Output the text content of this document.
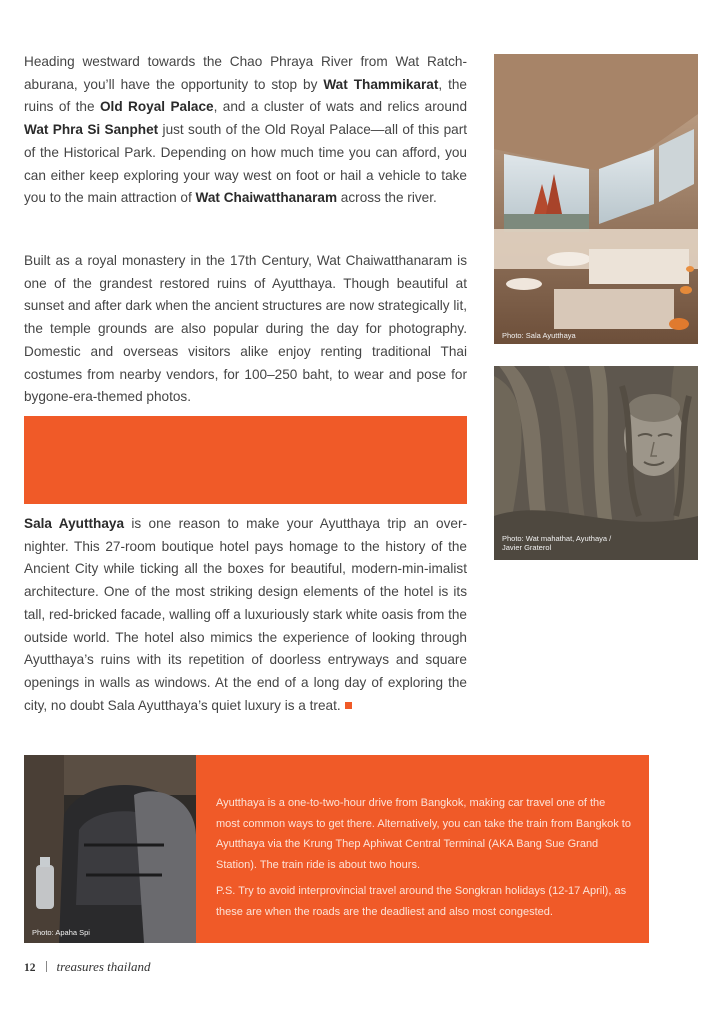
Heading westward towards the Chao Phraya River from Wat Ratch-aburana, you’ll have the opportunity to stop by Wat Thammikarat, the ruins of the Old Royal Palace, and a cluster of wats and relics around Wat Phra Si Sanphet just south of the Old Royal Palace—all of this part of the Historical Park. Depending on how much time you can afford, you can either keep exploring your way west on foot or hail a vehicle to take you to the main attraction of Wat Chaiwatthanaram across the river.

Built as a royal monastery in the 17th Century, Wat Chaiwatthanaram is one of the grandest restored ruins of Ayutthaya. Though beautiful at sunset and after dark when the ancient structures are now strategically lit, the temple grounds are also popular during the day for photography. Domestic and overseas visitors alike enjoy renting traditional Thai costumes from nearby vendors, for 100–250 baht, to wear and pose for bygone-era-themed photos.

Sala Ayutthaya is one reason to make your Ayutthaya trip an over-nighter. This 27-room boutique hotel pays homage to the history of the Ancient City while ticking all the boxes for beautiful, modern-min-imalist architecture. One of the most striking design elements of the hotel is its tall, red-bricked facade, walling off a luxuriously stark white oasis from the outside world. The hotel also mimics the experience of looking through Ayutthaya’s ruins with its repetition of doorless entryways and square openings in walls as windows. At the end of a long day of exploring the city, no doubt Sala Ayutthaya’s quiet luxury is a treat.

Photo: Sala Ayutthaya
Photo: Wat mahathat, Ayuthaya /
Javier Graterol
Photo: Apaha Spi

Ayutthaya is a one-to-two-hour drive from Bangkok, making car travel one of the most common ways to get there. Alternatively, you can take the train from Bangkok to Ayutthaya via the Krung Thep Aphiwat Central Terminal (AKA Bang Sue Grand Station). The train ride is about two hours.

P.S. Try to avoid interprovincial travel around the Songkran holidays (12-17 April), as these are when the roads are the deadliest and also most congested.

12 treasures thailand
